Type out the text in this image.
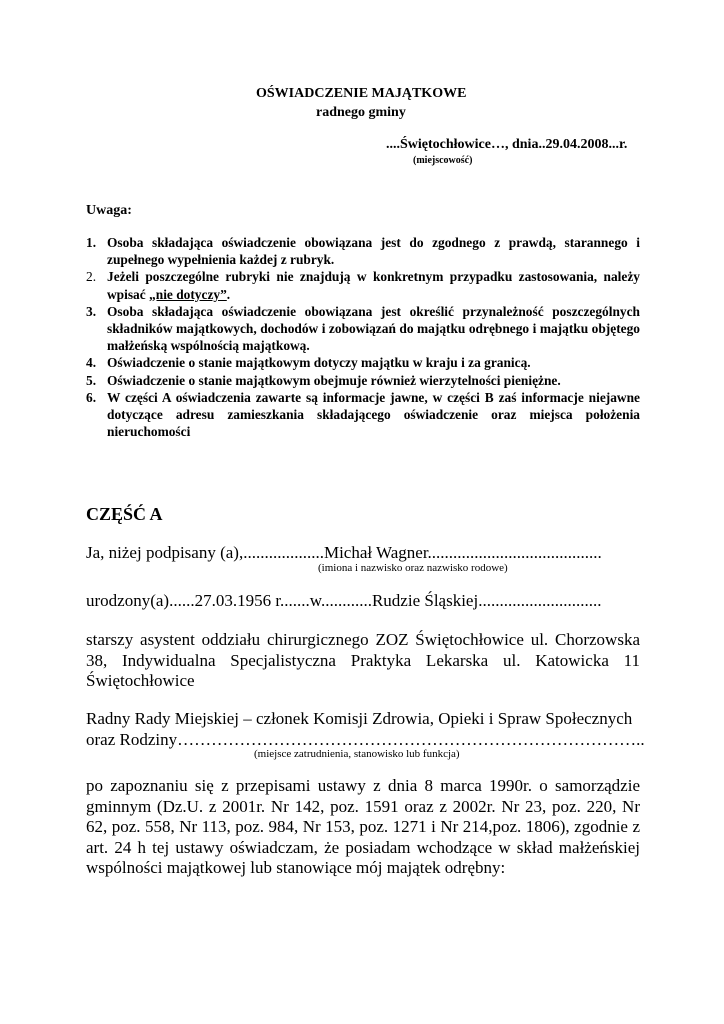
OŚWIADCZENIE MAJĄTKOWE
radnego gminy
....Świętochłowice…, dnia..29.04.2008...r.
(miejscowość)
Uwaga:
1. Osoba składająca oświadczenie obowiązana jest do zgodnego z prawdą, starannego i zupełnego wypełnienia każdej z rubryk.
2. Jeżeli poszczególne rubryki nie znajdują w konkretnym przypadku zastosowania, należy wpisać „nie dotyczy”.
3. Osoba składająca oświadczenie obowiązana jest określić przynależność poszczególnych składników majątkowych, dochodów i zobowiązań do majątku odrębnego i majątku objętego małżeńską wspólnością majątkową.
4. Oświadczenie o stanie majątkowym dotyczy majątku w kraju i za granicą.
5. Oświadczenie o stanie majątkowym obejmuje również wierzytelności pieniężne.
6. W części A oświadczenia zawarte są informacje jawne, w części B zaś informacje niejawne dotyczące adresu zamieszkania składającego oświadczenie oraz miejsca położenia nieruchomości
CZĘŚĆ A
Ja, niżej podpisany (a),...................Michał Wagner.........................................
(imiona i nazwisko oraz nazwisko rodowe)
urodzony(a)......27.03.1956 r.......w............Rudzie Śląskiej.............................
starszy asystent oddziału chirurgicznego ZOZ Świętochłowice ul. Chorzowska 38, Indywidualna Specjalistyczna Praktyka Lekarska ul. Katowicka 11 Świętochłowice
Radny Rady Miejskiej – członek Komisji Zdrowia, Opieki i Spraw Społecznych
oraz Rodziny………………………………………………………………………..
(miejsce zatrudnienia, stanowisko lub funkcja)
po zapoznaniu się z przepisami ustawy z dnia 8 marca 1990r. o samorządzie gminnym (Dz.U. z 2001r. Nr 142, poz. 1591 oraz z 2002r. Nr 23, poz. 220, Nr 62, poz. 558, Nr 113, poz. 984, Nr 153, poz. 1271 i Nr 214,poz. 1806), zgodnie z art. 24 h tej ustawy oświadczam, że posiadam wchodzące w skład małżeńskiej wspólności majątkowej lub stanowiące mój majątek odrębny:
